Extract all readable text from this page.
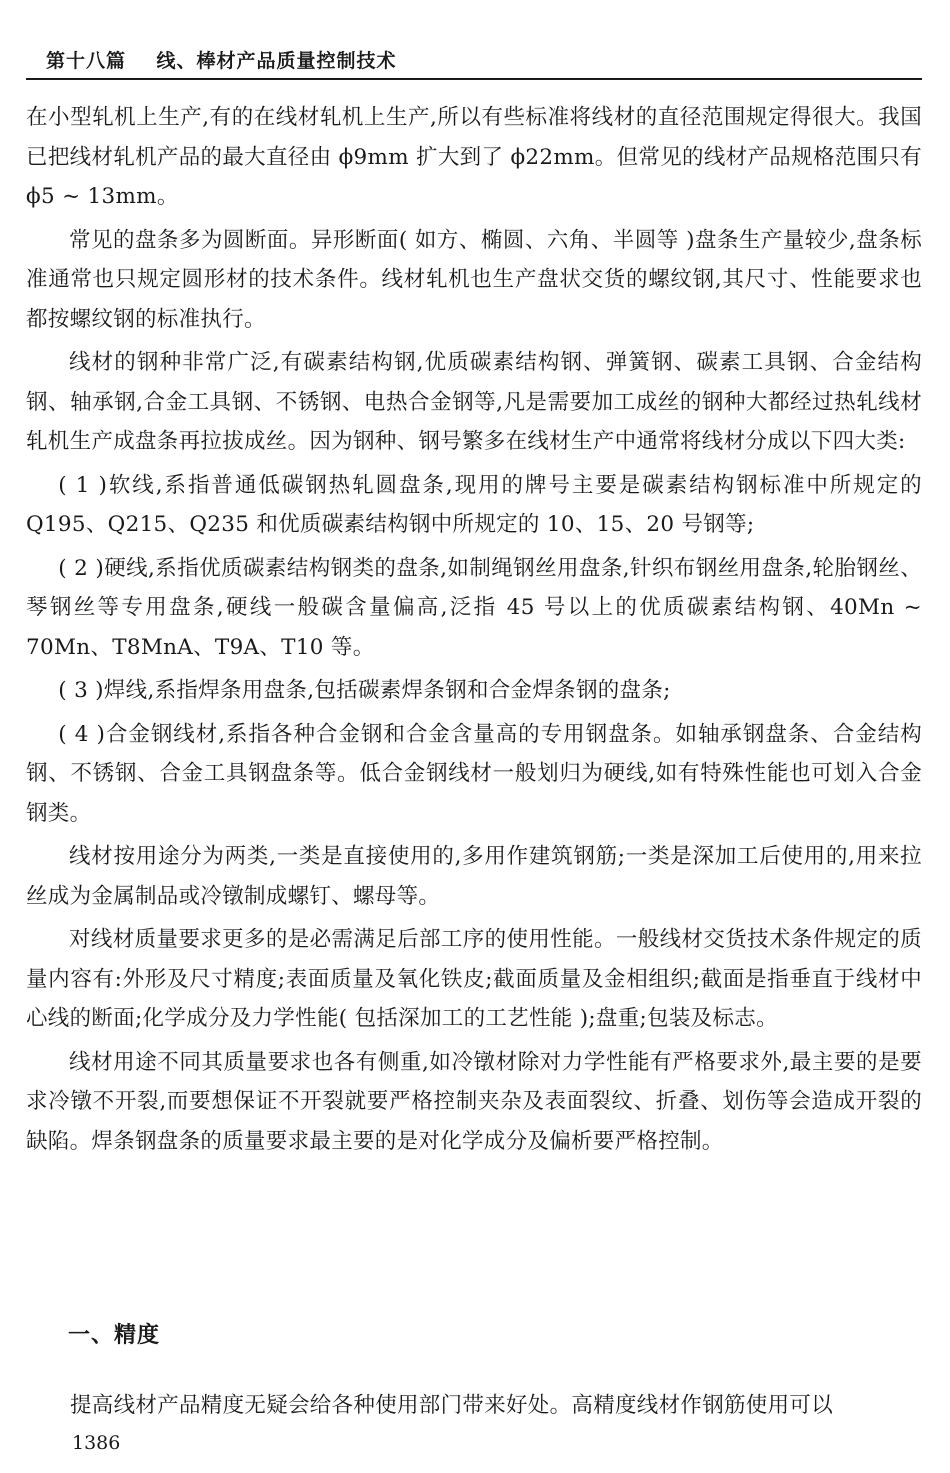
第十八篇    线、棒材产品质量控制技术

在小型轧机上生产,有的在线材轧机上生产,所以有些标准将线材的直径范围规定得很大。我国已把线材轧机产品的最大直径由 ϕ9mm 扩大到了 ϕ22mm。但常见的线材产品规格范围只有 ϕ5 ~ 13mm。

常见的盘条多为圆断面。异形断面( 如方、椭圆、六角、半圆等 )盘条生产量较少,盘条标准通常也只规定圆形材的技术条件。线材轧机也生产盘状交货的螺纹钢,其尺寸、性能要求也都按螺纹钢的标准执行。

线材的钢种非常广泛,有碳素结构钢,优质碳素结构钢、弹簧钢、碳素工具钢、合金结构钢、轴承钢,合金工具钢、不锈钢、电热合金钢等,凡是需要加工成丝的钢种大都经过热轧线材轧机生产成盘条再拉拔成丝。因为钢种、钢号繁多在线材生产中通常将线材分成以下四大类:

( 1 )软线,系指普通低碳钢热轧圆盘条,现用的牌号主要是碳素结构钢标准中所规定的 Q195、Q215、Q235 和优质碳素结构钢中所规定的 10、15、20 号钢等;

( 2 )硬线,系指优质碳素结构钢类的盘条,如制绳钢丝用盘条,针织布钢丝用盘条,轮胎钢丝、琴钢丝等专用盘条,硬线一般碳含量偏高,泛指 45 号以上的优质碳素结构钢、40Mn ~ 70Mn、T8MnA、T9A、T10 等。

( 3 )焊线,系指焊条用盘条,包括碳素焊条钢和合金焊条钢的盘条;

( 4 )合金钢线材,系指各种合金钢和合金含量高的专用钢盘条。如轴承钢盘条、合金结构钢、不锈钢、合金工具钢盘条等。低合金钢线材一般划归为硬线,如有特殊性能也可划入合金钢类。

线材按用途分为两类,一类是直接使用的,多用作建筑钢筋;一类是深加工后使用的,用来拉丝成为金属制品或冷镦制成螺钉、螺母等。

对线材质量要求更多的是必需满足后部工序的使用性能。一般线材交货技术条件规定的质量内容有:外形及尺寸精度;表面质量及氧化铁皮;截面质量及金相组织;截面是指垂直于线材中心线的断面;化学成分及力学性能( 包括深加工的工艺性能 );盘重;包装及标志。

线材用途不同其质量要求也各有侧重,如冷镦材除对力学性能有严格要求外,最主要的是要求冷镦不开裂,而要想保证不开裂就要严格控制夹杂及表面裂纹、折叠、划伤等会造成开裂的缺陷。焊条钢盘条的质量要求最主要的是对化学成分及偏析要严格控制。

一、精度
提高线材产品精度无疑会给各种使用部门带来好处。高精度线材作钢筋使用可以
1386
